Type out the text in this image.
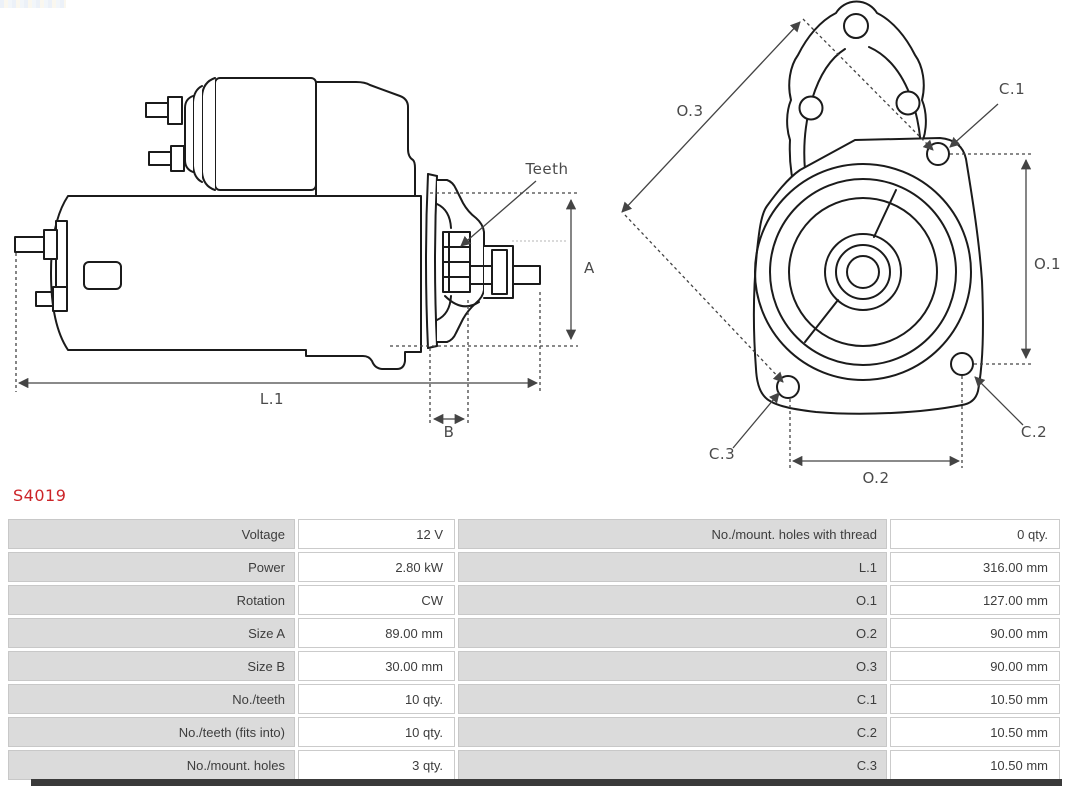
A
L.1
B
Teeth
O.3
C.1
O.1
C.2
C.3
O.2
S4019
Voltage	12 V	No./mount. holes with thread	0 qty.
Power	2.80 kW	L.1	316.00 mm
Rotation	CW	O.1	127.00 mm
Size A	89.00 mm	O.2	90.00 mm
Size B	30.00 mm	O.3	90.00 mm
No./teeth	10 qty.	C.1	10.50 mm
No./teeth (fits into)	10 qty.	C.2	10.50 mm
No./mount. holes	3 qty.	C.3	10.50 mm
